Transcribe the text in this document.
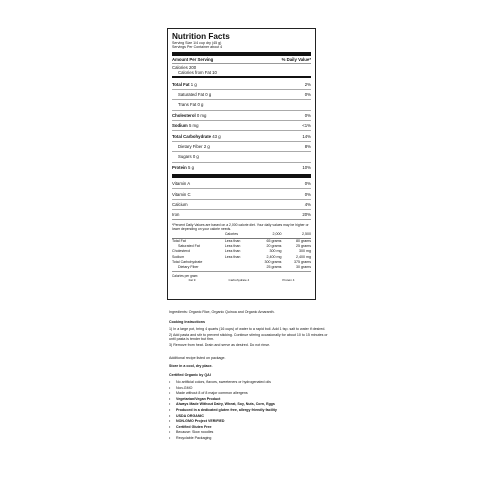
Nutrition Facts
Serving Size 1/4 cup dry (45 g)
Servings Per Container about 4
Amount Per Serving	% Daily Value*
Calories 200
Calories from Fat 10
Total Fat 1 g	2%
Saturated Fat 0 g	0%
Trans Fat 0 g
Cholesterol 0 mg	0%
Sodium 5 mg	<1%
Total Carbohydrate 43 g	14%
Dietary Fiber 2 g	8%
Sugars 0 g
Protein 5 g	10%
Vitamin A	0%
Vitamin C	0%
Calcium	4%
Iron	20%
*Percent Daily Values are based on a 2,000 calorie diet. Your daily values may be higher or lower depending on your calorie needs.
	Calories	2,000	2,500
Total Fat	Less than	65 grams	80 grams
Saturated Fat	Less than	20 grams	25 grams
Cholesterol	Less than	300 mg	300 mg
Sodium	Less than	2,400 mg	2,400 mg
Total Carbohydrate		300 grams	375 grams
Dietary Fiber		25 grams	30 grams
Calories per gram:
Fat 9	Carbohydrate 4	Protein 4
Ingredients: Organic Rice, Organic Quinoa and Organic Amaranth.
Cooking Instructions
1) In a large pot, bring 4 quarts (16 cups) of water to a rapid boil. Add 1 tsp. salt to water if desired.
2) Add pasta and stir to prevent sticking. Continue stirring occasionally for about 10 to 15 minutes or until pasta is tender but firm.
3) Remove from heat. Drain and serve as desired. Do not rinse.
Additional recipe listed on package.
Store in a cool, dry place.
Certified Organic by QAI
•	No artificial colors, flavors, sweeteners or hydrogenated oils
•	Non-GMO
•	Made without 8 of 8 major common allergens
•	Vegetarian/Vegan Product
•	Always Made Without Dairy, Wheat, Soy, Nuts, Corn, Eggs
•	Produced in a dedicated gluten free, allergy friendly facility
•	USDA ORGANIC
•	NON-GMO Project VERIFIED
•	Certified Gluten Free
•	Because: Slow noodles
•	Recyclable Packaging
